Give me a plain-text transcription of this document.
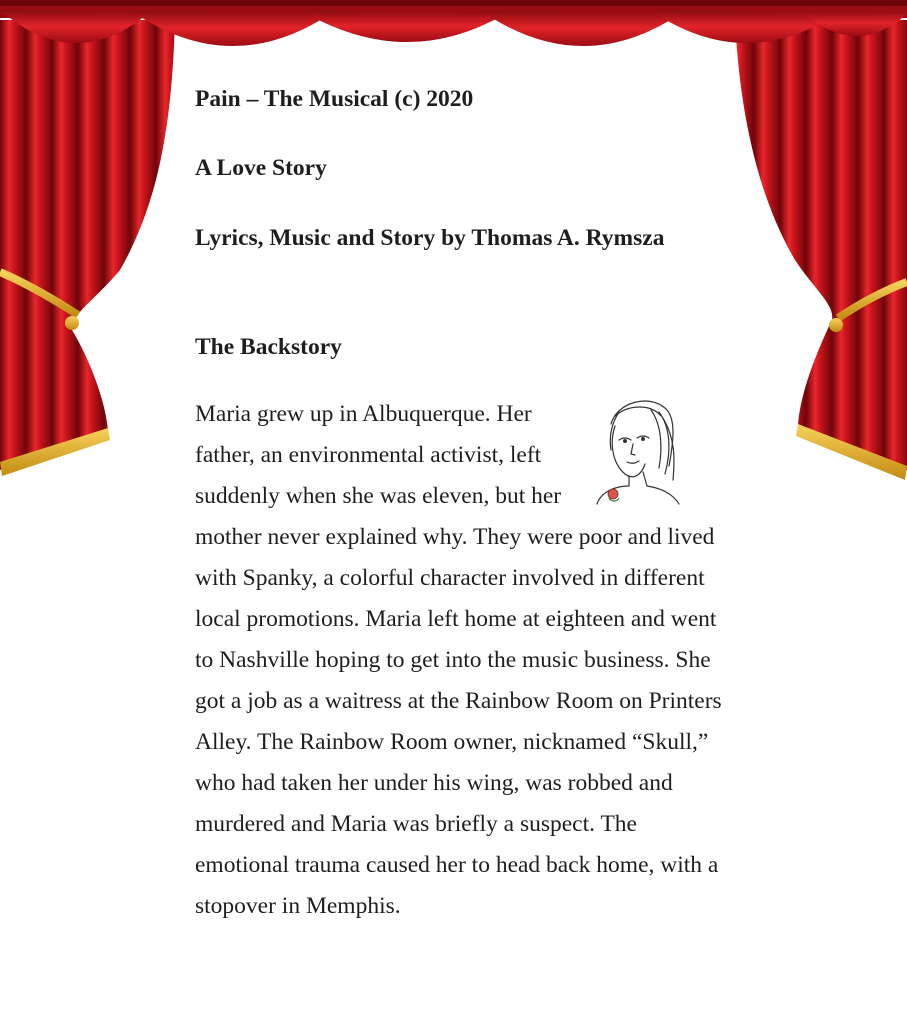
Pain – The Musical (c) 2020

A Love Story

Lyrics, Music and Story by Thomas A. Rymsza

The Backstory

Maria grew up in Albuquerque. Her father, an environmental activist, left suddenly when she was eleven, but her mother never explained why. They were poor and lived with Spanky, a colorful character involved in different local promotions. Maria left home at eighteen and went to Nashville hoping to get into the music business. She got a job as a waitress at the Rainbow Room on Printers Alley. The Rainbow Room owner, nicknamed “Skull,” who had taken her under his wing, was robbed and murdered and Maria was briefly a suspect. The emotional trauma caused her to head back home, with a stopover in Memphis.
